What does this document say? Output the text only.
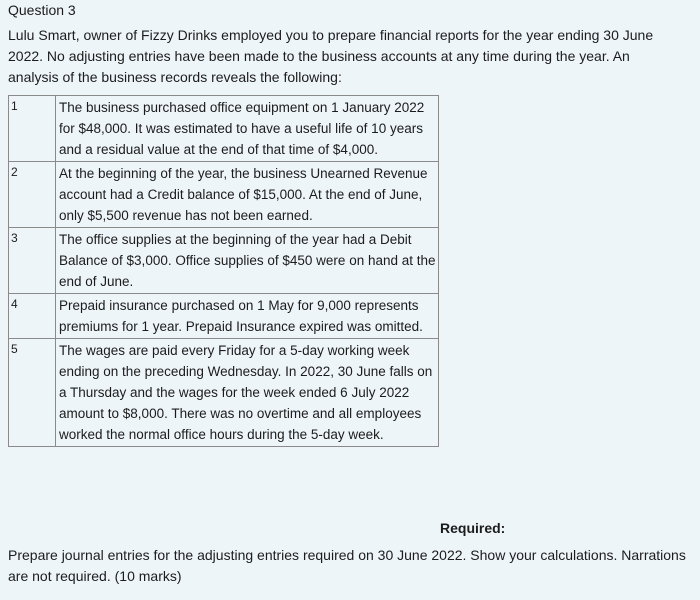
Question 3
Lulu Smart, owner of Fizzy Drinks employed you to prepare financial reports for the year ending 30 June 2022. No adjusting entries have been made to the business accounts at any time during the year. An analysis of the business records reveals the following:
1	The business purchased office equipment on 1 January 2022 for $48,000. It was estimated to have a useful life of 10 years and a residual value at the end of that time of $4,000.
2	At the beginning of the year, the business Unearned Revenue account had a Credit balance of $15,000. At the end of June, only $5,500 revenue has not been earned.
3	The office supplies at the beginning of the year had a Debit Balance of $3,000. Office supplies of $450 were on hand at the end of June.
4	Prepaid insurance purchased on 1 May for 9,000 represents premiums for 1 year. Prepaid Insurance expired was omitted.
5	The wages are paid every Friday for a 5-day working week ending on the preceding Wednesday. In 2022, 30 June falls on a Thursday and the wages for the week ended 6 July 2022 amount to $8,000. There was no overtime and all employees worked the normal office hours during the 5-day week.
Required:
Prepare journal entries for the adjusting entries required on 30 June 2022. Show your calculations. Narrations are not required. (10 marks)
